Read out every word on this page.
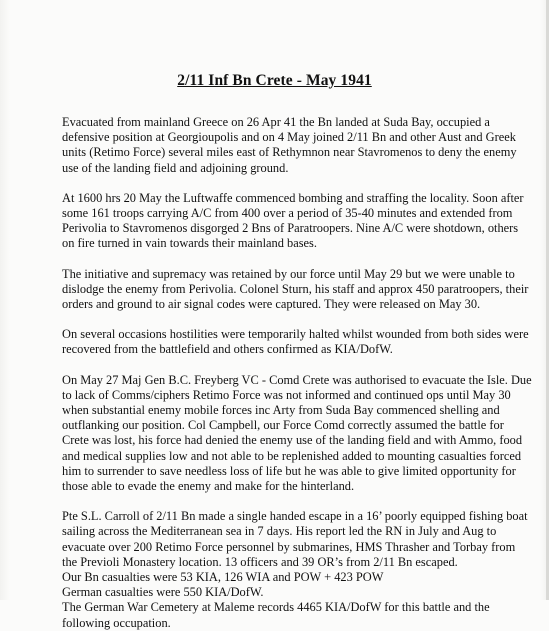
2/11 Inf Bn Crete - May 1941

Evacuated from mainland Greece on 26 Apr 41 the Bn landed at Suda Bay, occupied a defensive position at Georgioupolis and on 4 May joined 2/11 Bn and other Aust and Greek units (Retimo Force) several miles east of Rethymnon near Stavromenos to deny the enemy use of the landing field and adjoining ground.

At 1600 hrs 20 May the Luftwaffe commenced bombing and straffing the locality. Soon after some 161 troops carrying A/C from 400 over a period of 35-40 minutes and extended from Perivolia to Stavromenos disgorged 2 Bns of Paratroopers. Nine A/C were shotdown, others on fire turned in vain towards their mainland bases.

The initiative and supremacy was retained by our force until May 29 but we were unable to dislodge the enemy from Perivolia. Colonel Sturn, his staff and approx 450 paratroopers, their orders and ground to air signal codes were captured. They were released on May 30.

On several occasions hostilities were temporarily halted whilst wounded from both sides were recovered from the battlefield and others confirmed as KIA/DofW.

On May 27 Maj Gen B.C. Freyberg VC - Comd Crete was authorised to evacuate the Isle. Due to lack of Comms/ciphers Retimo Force was not informed and continued ops until May 30 when substantial enemy mobile forces inc Arty from Suda Bay commenced shelling and outflanking our position. Col Campbell, our Force Comd correctly assumed the battle for Crete was lost, his force had denied the enemy use of the landing field and with Ammo, food and medical supplies low and not able to be replenished added to mounting casualties forced him to surrender to save needless loss of life but he was able to give limited opportunity for those able to evade the enemy and make for the hinterland.

Pte S.L. Carroll of 2/11 Bn made a single handed escape in a 16’ poorly equipped fishing boat sailing across the Mediterranean sea in 7 days. His report led the RN in July and Aug to evacuate over 200 Retimo Force personnel by submarines, HMS Thrasher and Torbay from the Previoli Monastery location. 13 officers and 39 OR’s from 2/11 Bn escaped.

Our Bn casualties were 53 KIA, 126 WIA and POW + 423 POW

German casualties were 550 KIA/DofW.

The German War Cemetery at Maleme records 4465 KIA/DofW for this battle and the following occupation.
